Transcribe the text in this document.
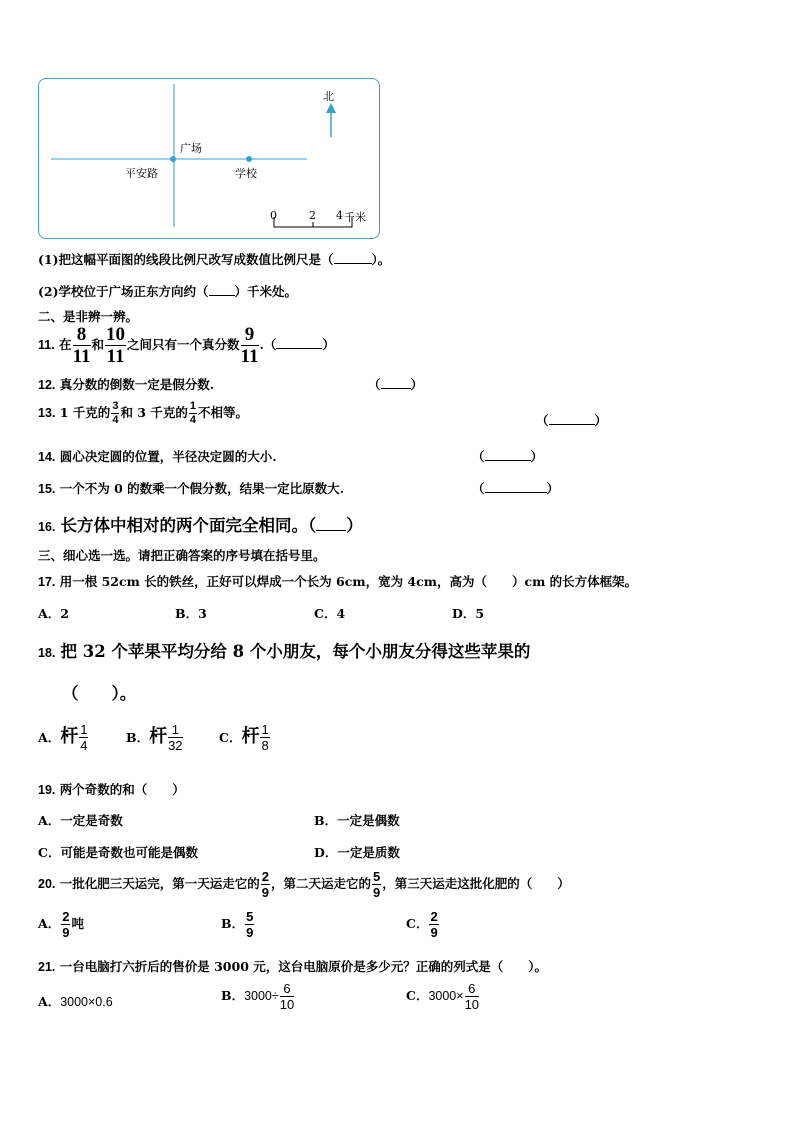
北
广场
平安路	学校
0	2 4 千米
(1)把这幅平面图的线段比例尺改写成数值比例尺是（	）。
(2)学校位于广场正东方向约（ ）千米处。
二、是非辨一辨。
11. 在 $\frac{8}{11}$ 和 $\frac{10}{11}$ 之间只有一个真分数 $\frac{9}{11}$ .（	）
12. 真分数的倒数一定是假分数.	（ ）
13. 1 千克的 $\frac{3}{4}$ 和 3 千克的 $\frac{1}{4}$ 不相等。
（	）
14. 圆心决定圆的位置，半径决定圆的大小.	（	）
15. 一个不为 0 的数乘一个假分数，结果一定比原数大.	（	）
16. 长方体中相对的两个面完全相同。（ ）
三、细心选一选。请把正确答案的序号填在括号里。
17. 用一根 52cm 长的铁丝，正好可以焊成一个长为 6cm，宽为 4cm，高为（　　）cm 的长方体框架。
A．2	B．3	C．4	D．5
18. 把 32 个苹果平均分给 8 个小朋友，每个小朋友分得这些苹果的
（　　）。
A．杆 $\frac{1}{4}$	B．杆 $\frac{1}{32}$	C．杆 $\frac{1}{8}$
19. 两个奇数的和（　　）
A．一定是奇数	B．一定是偶数
C．可能是奇数也可能是偶数	D．一定是质数
20. 一批化肥三天运完，第一天运走它的 $\frac{2}{9}$ ，第二天运走它的 $\frac{5}{9}$ ，第三天运走这批化肥的（　　）
A． $\frac{2}{9}$ 吨	B． $\frac{5}{9}$	C． $\frac{2}{9}$
21. 一台电脑打六折后的售价是 3000 元，这台电脑原价是多少元？正确的列式是（　　）。
A．3000×0.6	B．$3000\div \frac{6}{10}$	C．$3000\times \frac{6}{10}$
